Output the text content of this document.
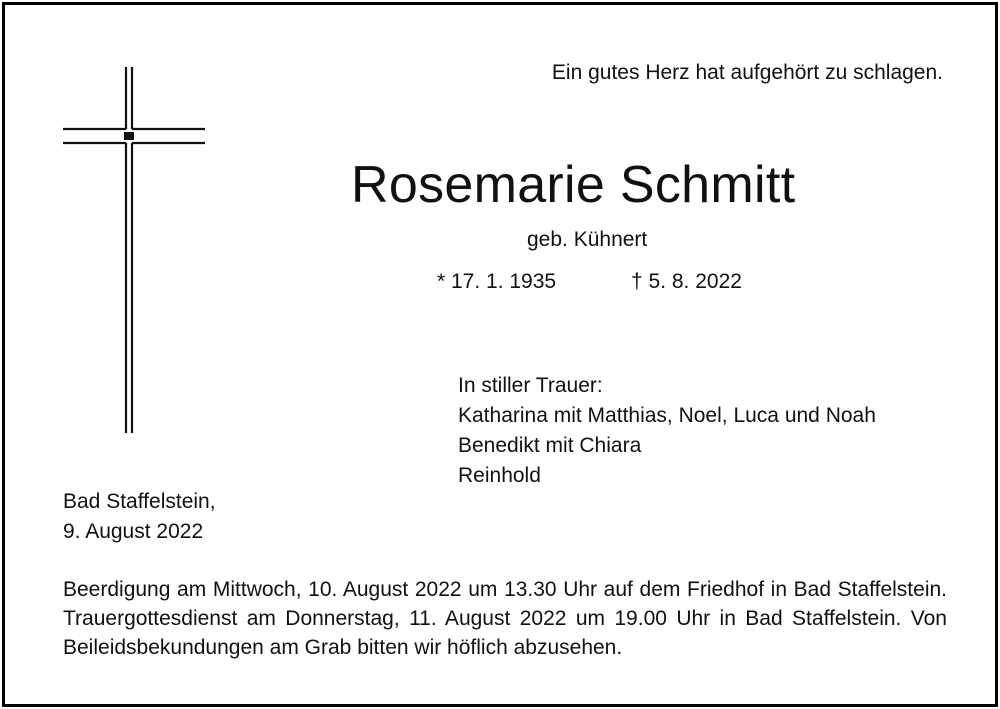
Ein gutes Herz hat aufgehört zu schlagen.
Rosemarie Schmitt
geb. Kühnert
* 17. 1. 1935	† 5. 8. 2022
In stiller Trauer:
Katharina mit Matthias, Noel, Luca und Noah
Benedikt mit Chiara
Reinhold
Bad Staffelstein,
9. August 2022
Beerdigung am Mittwoch, 10. August 2022 um 13.30 Uhr auf dem Friedhof in Bad Staffelstein. Trauergottesdienst am Donnerstag, 11. August 2022 um 19.00 Uhr in Bad Staffelstein. Von Beileidsbekundungen am Grab bitten wir höflich abzusehen.
